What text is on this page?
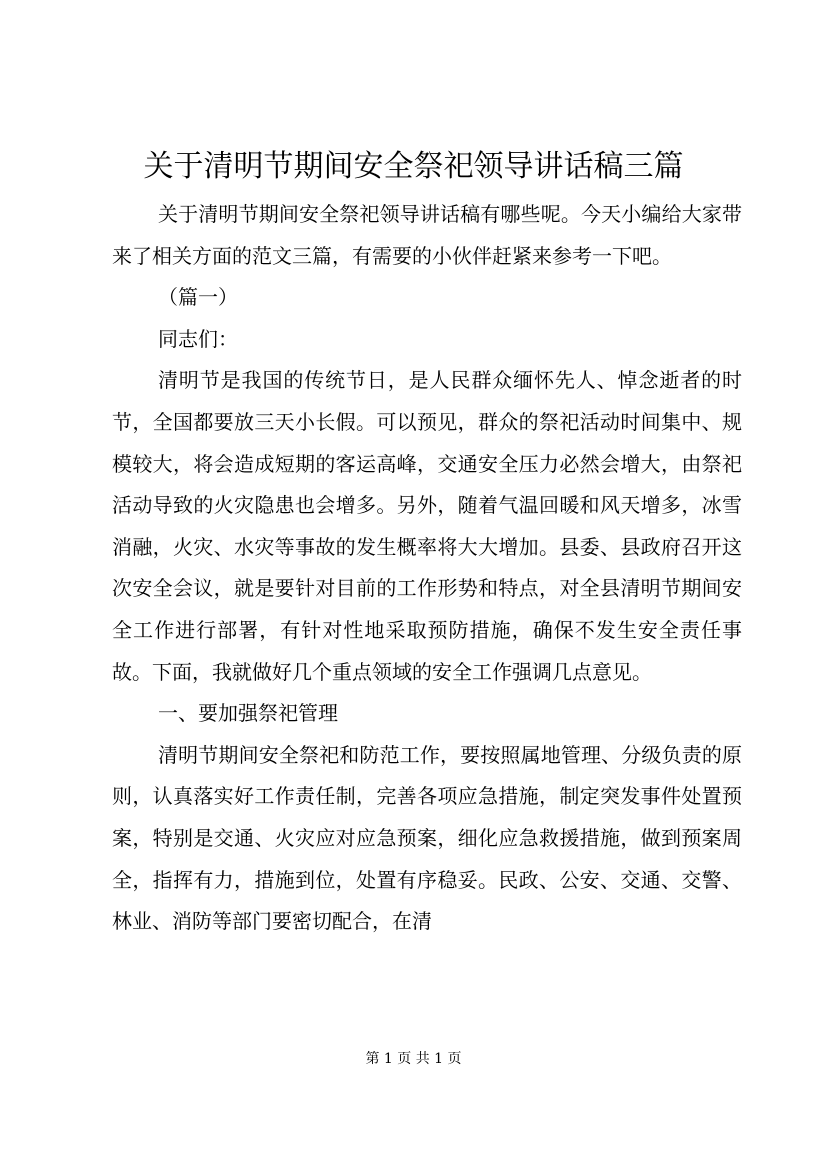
关于清明节期间安全祭祀领导讲话稿三篇

关于清明节期间安全祭祀领导讲话稿有哪些呢。今天小编给大家带来了相关方面的范文三篇，有需要的小伙伴赶紧来参考一下吧。

（篇一）

同志们：

清明节是我国的传统节日，是人民群众缅怀先人、悼念逝者的时节，全国都要放三天小长假。可以预见，群众的祭祀活动时间集中、规模较大，将会造成短期的客运高峰，交通安全压力必然会增大，由祭祀活动导致的火灾隐患也会增多。另外，随着气温回暖和风天增多，冰雪消融，火灾、水灾等事故的发生概率将大大增加。县委、县政府召开这次安全会议，就是要针对目前的工作形势和特点，对全县清明节期间安全工作进行部署，有针对性地采取预防措施，确保不发生安全责任事故。下面，我就做好几个重点领域的安全工作强调几点意见。

一、要加强祭祀管理

清明节期间安全祭祀和防范工作，要按照属地管理、分级负责的原则，认真落实好工作责任制，完善各项应急措施，制定突发事件处置预案，特别是交通、火灾应对应急预案，细化应急救援措施，做到预案周全，指挥有力，措施到位，处置有序稳妥。民政、公安、交通、交警、林业、消防等部门要密切配合，在清

第 1 页 共 1 页
